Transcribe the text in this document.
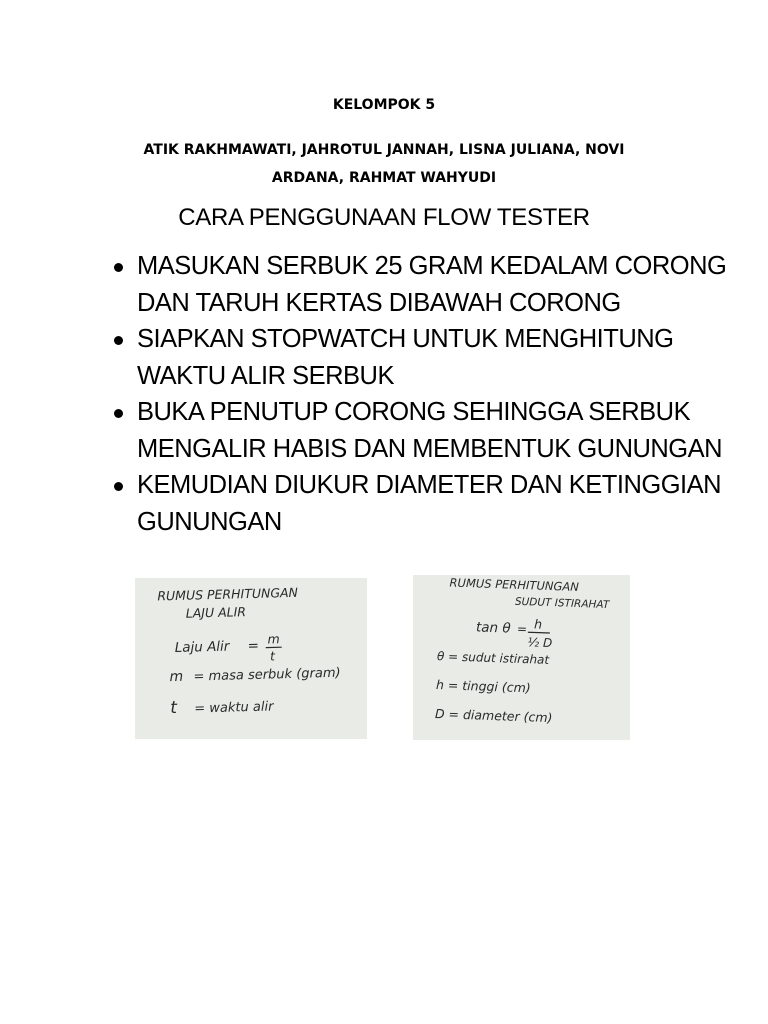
KELOMPOK 5
ATIK RAKHMAWATI, JAHROTUL JANNAH, LISNA JULIANA, NOVI
ARDANA, RAHMAT WAHYUDI
CARA PENGGUNAAN FLOW TESTER
MASUKAN SERBUK 25 GRAM KEDALAM CORONG
DAN TARUH KERTAS DIBAWAH CORONG
SIAPKAN STOPWATCH UNTUK MENGHITUNG
WAKTU ALIR SERBUK
BUKA PENUTUP CORONG SEHINGGA SERBUK
MENGALIR HABIS DAN MEMBENTUK GUNUNGAN
KEMUDIAN DIUKUR DIAMETER DAN KETINGGIAN
GUNUNGAN
RUMUS PERHITUNGAN
LAJU ALIR
Laju Alir = m
t
m = masa serbuk (gram)
t = waktu alir
RUMUS PERHITUNGAN
SUDUT ISTIRAHAT
tan θ = h
½ D
θ = sudut istirahat
h = tinggi (cm)
D = diameter (cm)
